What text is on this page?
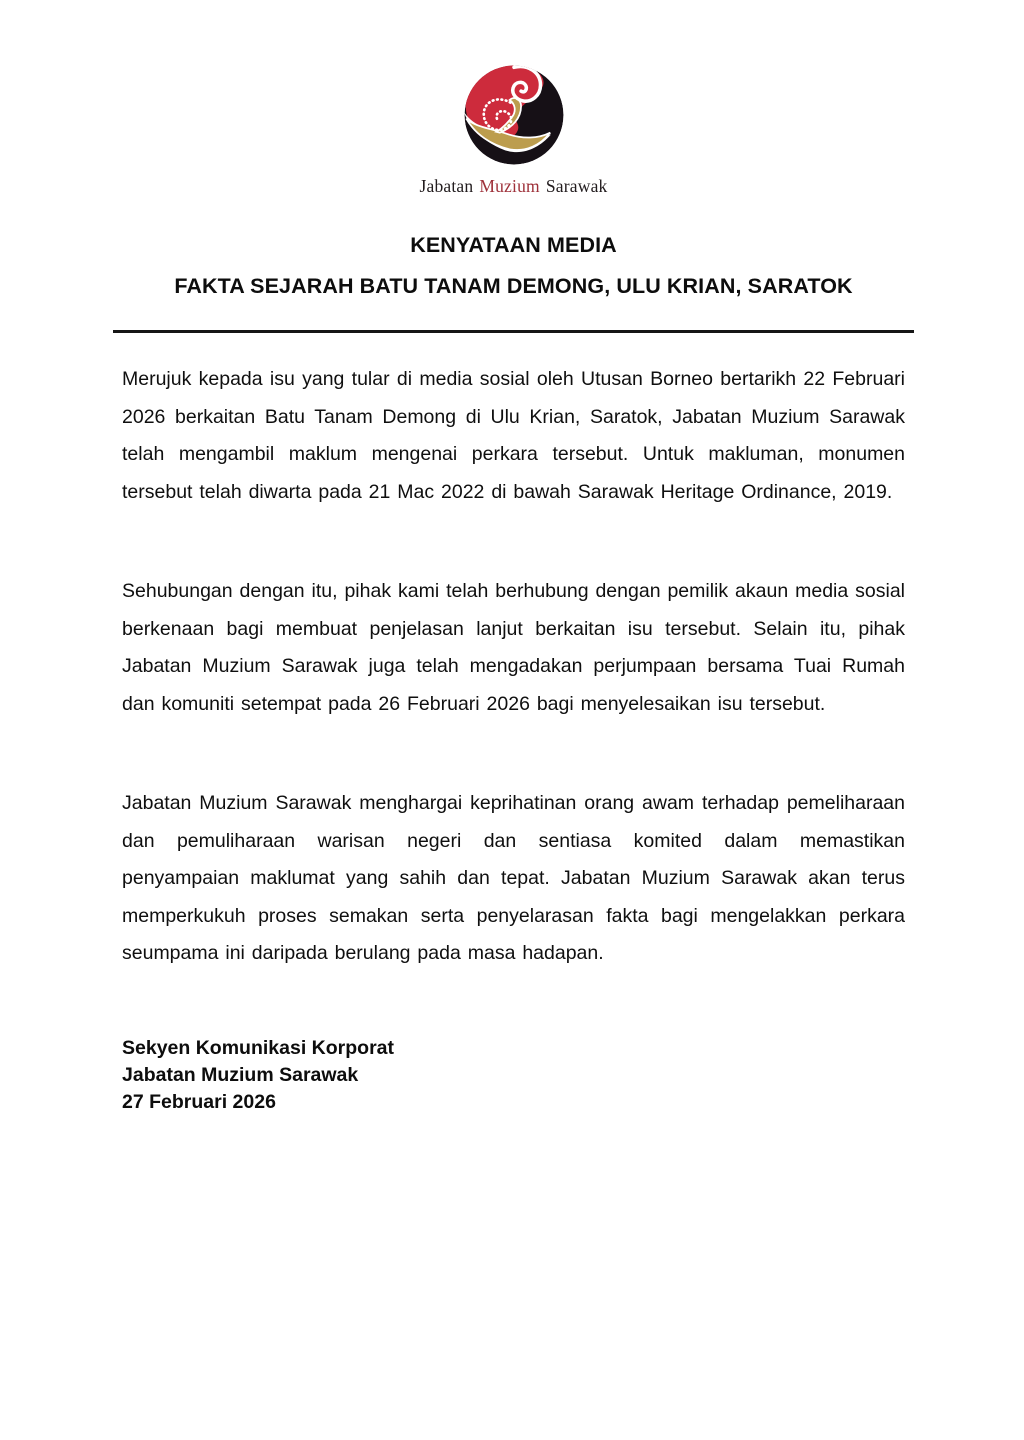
Jabatan Muzium Sarawak
KENYATAAN MEDIA
FAKTA SEJARAH BATU TANAM DEMONG, ULU KRIAN, SARATOK

Merujuk kepada isu yang tular di media sosial oleh Utusan Borneo bertarikh 22 Februari 2026 berkaitan Batu Tanam Demong di Ulu Krian, Saratok, Jabatan Muzium Sarawak telah mengambil maklum mengenai perkara tersebut. Untuk makluman, monumen tersebut telah diwarta pada 21 Mac 2022 di bawah Sarawak Heritage Ordinance, 2019.

Sehubungan dengan itu, pihak kami telah berhubung dengan pemilik akaun media sosial berkenaan bagi membuat penjelasan lanjut berkaitan isu tersebut. Selain itu, pihak Jabatan Muzium Sarawak juga telah mengadakan perjumpaan bersama Tuai Rumah dan komuniti setempat pada 26 Februari 2026 bagi menyelesaikan isu tersebut.

Jabatan Muzium Sarawak menghargai keprihatinan orang awam terhadap pemeliharaan dan pemuliharaan warisan negeri dan sentiasa komited dalam memastikan penyampaian maklumat yang sahih dan tepat. Jabatan Muzium Sarawak akan terus memperkukuh proses semakan serta penyelarasan fakta bagi mengelakkan perkara seumpama ini daripada berulang pada masa hadapan.

Sekyen Komunikasi Korporat
Jabatan Muzium Sarawak
27 Februari 2026
